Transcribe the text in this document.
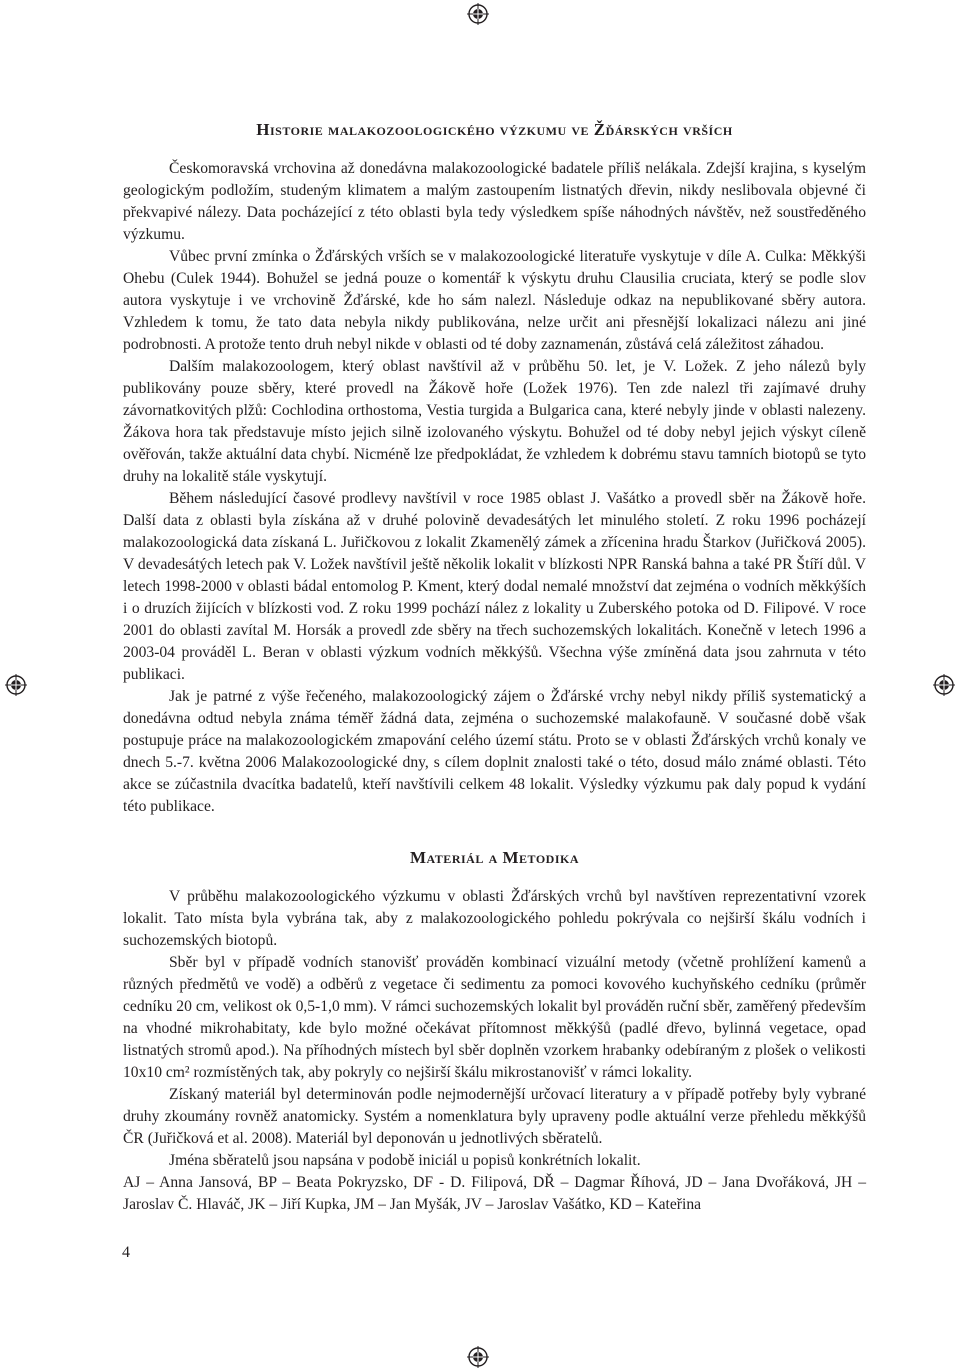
Historie malakozoologického výzkumu ve Žďárských vrších

Českomoravská vrchovina až donedávna malakozoologické badatele příliš nelákala. Zdejší krajina, s kyselým geologickým podložím, studeným klimatem a malým zastoupením listnatých dřevin, nikdy neslibovala objevné či překvapivé nálezy. Data pocházející z této oblasti byla tedy výsledkem spíše náhodných návštěv, než soustředěného výzkumu.

Vůbec první zmínka o Žďárských vrších se v malakozoologické literatuře vyskytuje v díle A. Culka: Měkkýši Ohebu (Culek 1944). Bohužel se jedná pouze o komentář k výskytu druhu Clausilia cruciata, který se podle slov autora vyskytuje i ve vrchovině Žďárské, kde ho sám nalezl. Následuje odkaz na nepublikované sběry autora. Vzhledem k tomu, že tato data nebyla nikdy publikována, nelze určit ani přesnější lokalizaci nálezu ani jiné podrobnosti. A protože tento druh nebyl nikde v oblasti od té doby zaznamenán, zůstává celá záležitost záhadou.

Dalším malakozoologem, který oblast navštívil až v průběhu 50. let, je V. Ložek. Z jeho nálezů byly publikovány pouze sběry, které provedl na Žákově hoře (Ložek 1976). Ten zde nalezl tři zajímavé druhy závornatkovitých plžů: Cochlodina orthostoma, Vestia turgida a Bulgarica cana, které nebyly jinde v oblasti nalezeny. Žákova hora tak představuje místo jejich silně izolovaného výskytu. Bohužel od té doby nebyl jejich výskyt cíleně ověřován, takže aktuální data chybí. Nicméně lze předpokládat, že vzhledem k dobrému stavu tamních biotopů se tyto druhy na lokalitě stále vyskytují.

Během následující časové prodlevy navštívil v roce 1985 oblast J. Vašátko a provedl sběr na Žákově hoře. Další data z oblasti byla získána až v druhé polovině devadesátých let minulého století. Z roku 1996 pocházejí malakozoologická data získaná L. Juřičkovou z lokalit Zkamenělý zámek a zřícenina hradu Štarkov (Juřičková 2005). V devadesátých letech pak V. Ložek navštívil ještě několik lokalit v blízkosti NPR Ranská bahna a také PR Štíří důl. V letech 1998-2000 v oblasti bádal entomolog P. Kment, který dodal nemalé množství dat zejména o vodních měkkýších i o druzích žijících v blízkosti vod. Z roku 1999 pochází nález z lokality u Zuberského potoka od D. Filipové. V roce 2001 do oblasti zavítal M. Horsák a provedl zde sběry na třech suchozemských lokalitách. Konečně v letech 1996 a 2003-04 prováděl L. Beran v oblasti výzkum vodních měkkýšů. Všechna výše zmíněná data jsou zahrnuta v této publikaci.

Jak je patrné z výše řečeného, malakozoologický zájem o Žďárské vrchy nebyl nikdy příliš systematický a donedávna odtud nebyla známa téměř žádná data, zejména o suchozemské malakofauně. V současné době však postupuje práce na malakozoologickém zmapování celého území státu. Proto se v oblasti Žďárských vrchů konaly ve dnech 5.-7. května 2006 Malakozoologické dny, s cílem doplnit znalosti také o této, dosud málo známé oblasti. Této akce se zúčastnila dvacítka badatelů, kteří navštívili celkem 48 lokalit. Výsledky výzkumu pak daly popud k vydání této publikace.

Materiál a Metodika

V průběhu malakozoologického výzkumu v oblasti Žďárských vrchů byl navštíven reprezentativní vzorek lokalit. Tato místa byla vybrána tak, aby z malakozoologického pohledu pokrývala co nejširší škálu vodních i suchozemských biotopů.

Sběr byl v případě vodních stanovišť prováděn kombinací vizuální metody (včetně prohlížení kamenů a různých předmětů ve vodě) a odběrů z vegetace či sedimentu za pomoci kovového kuchyňského cedníku (průměr cedníku 20 cm, velikost ok 0,5-1,0 mm). V rámci suchozemských lokalit byl prováděn ruční sběr, zaměřený především na vhodné mikrohabitaty, kde bylo možné očekávat přítomnost měkkýšů (padlé dřevo, bylinná vegetace, opad listnatých stromů apod.). Na příhodných místech byl sběr doplněn vzorkem hrabanky odebíraným z plošek o velikosti 10x10 cm² rozmístěných tak, aby pokryly co nejširší škálu mikrostanovišť v rámci lokality.

Získaný materiál byl determinován podle nejmodernější určovací literatury a v případě potřeby byly vybrané druhy zkoumány rovněž anatomicky. Systém a nomenklatura byly upraveny podle aktuální verze přehledu měkkýšů ČR (Juřičková et al. 2008). Materiál byl deponován u jednotlivých sběratelů.

Jména sběratelů jsou napsána v podobě iniciál u popisů konkrétních lokalit.

AJ – Anna Jansová, BP – Beata Pokryzsko, DF - D. Filipová, DŘ – Dagmar Říhová, JD – Jana Dvořáková, JH – Jaroslav Č. Hlaváč, JK – Jiří Kupka, JM – Jan Myšák, JV – Jaroslav Vašátko, KD – Kateřina

4
